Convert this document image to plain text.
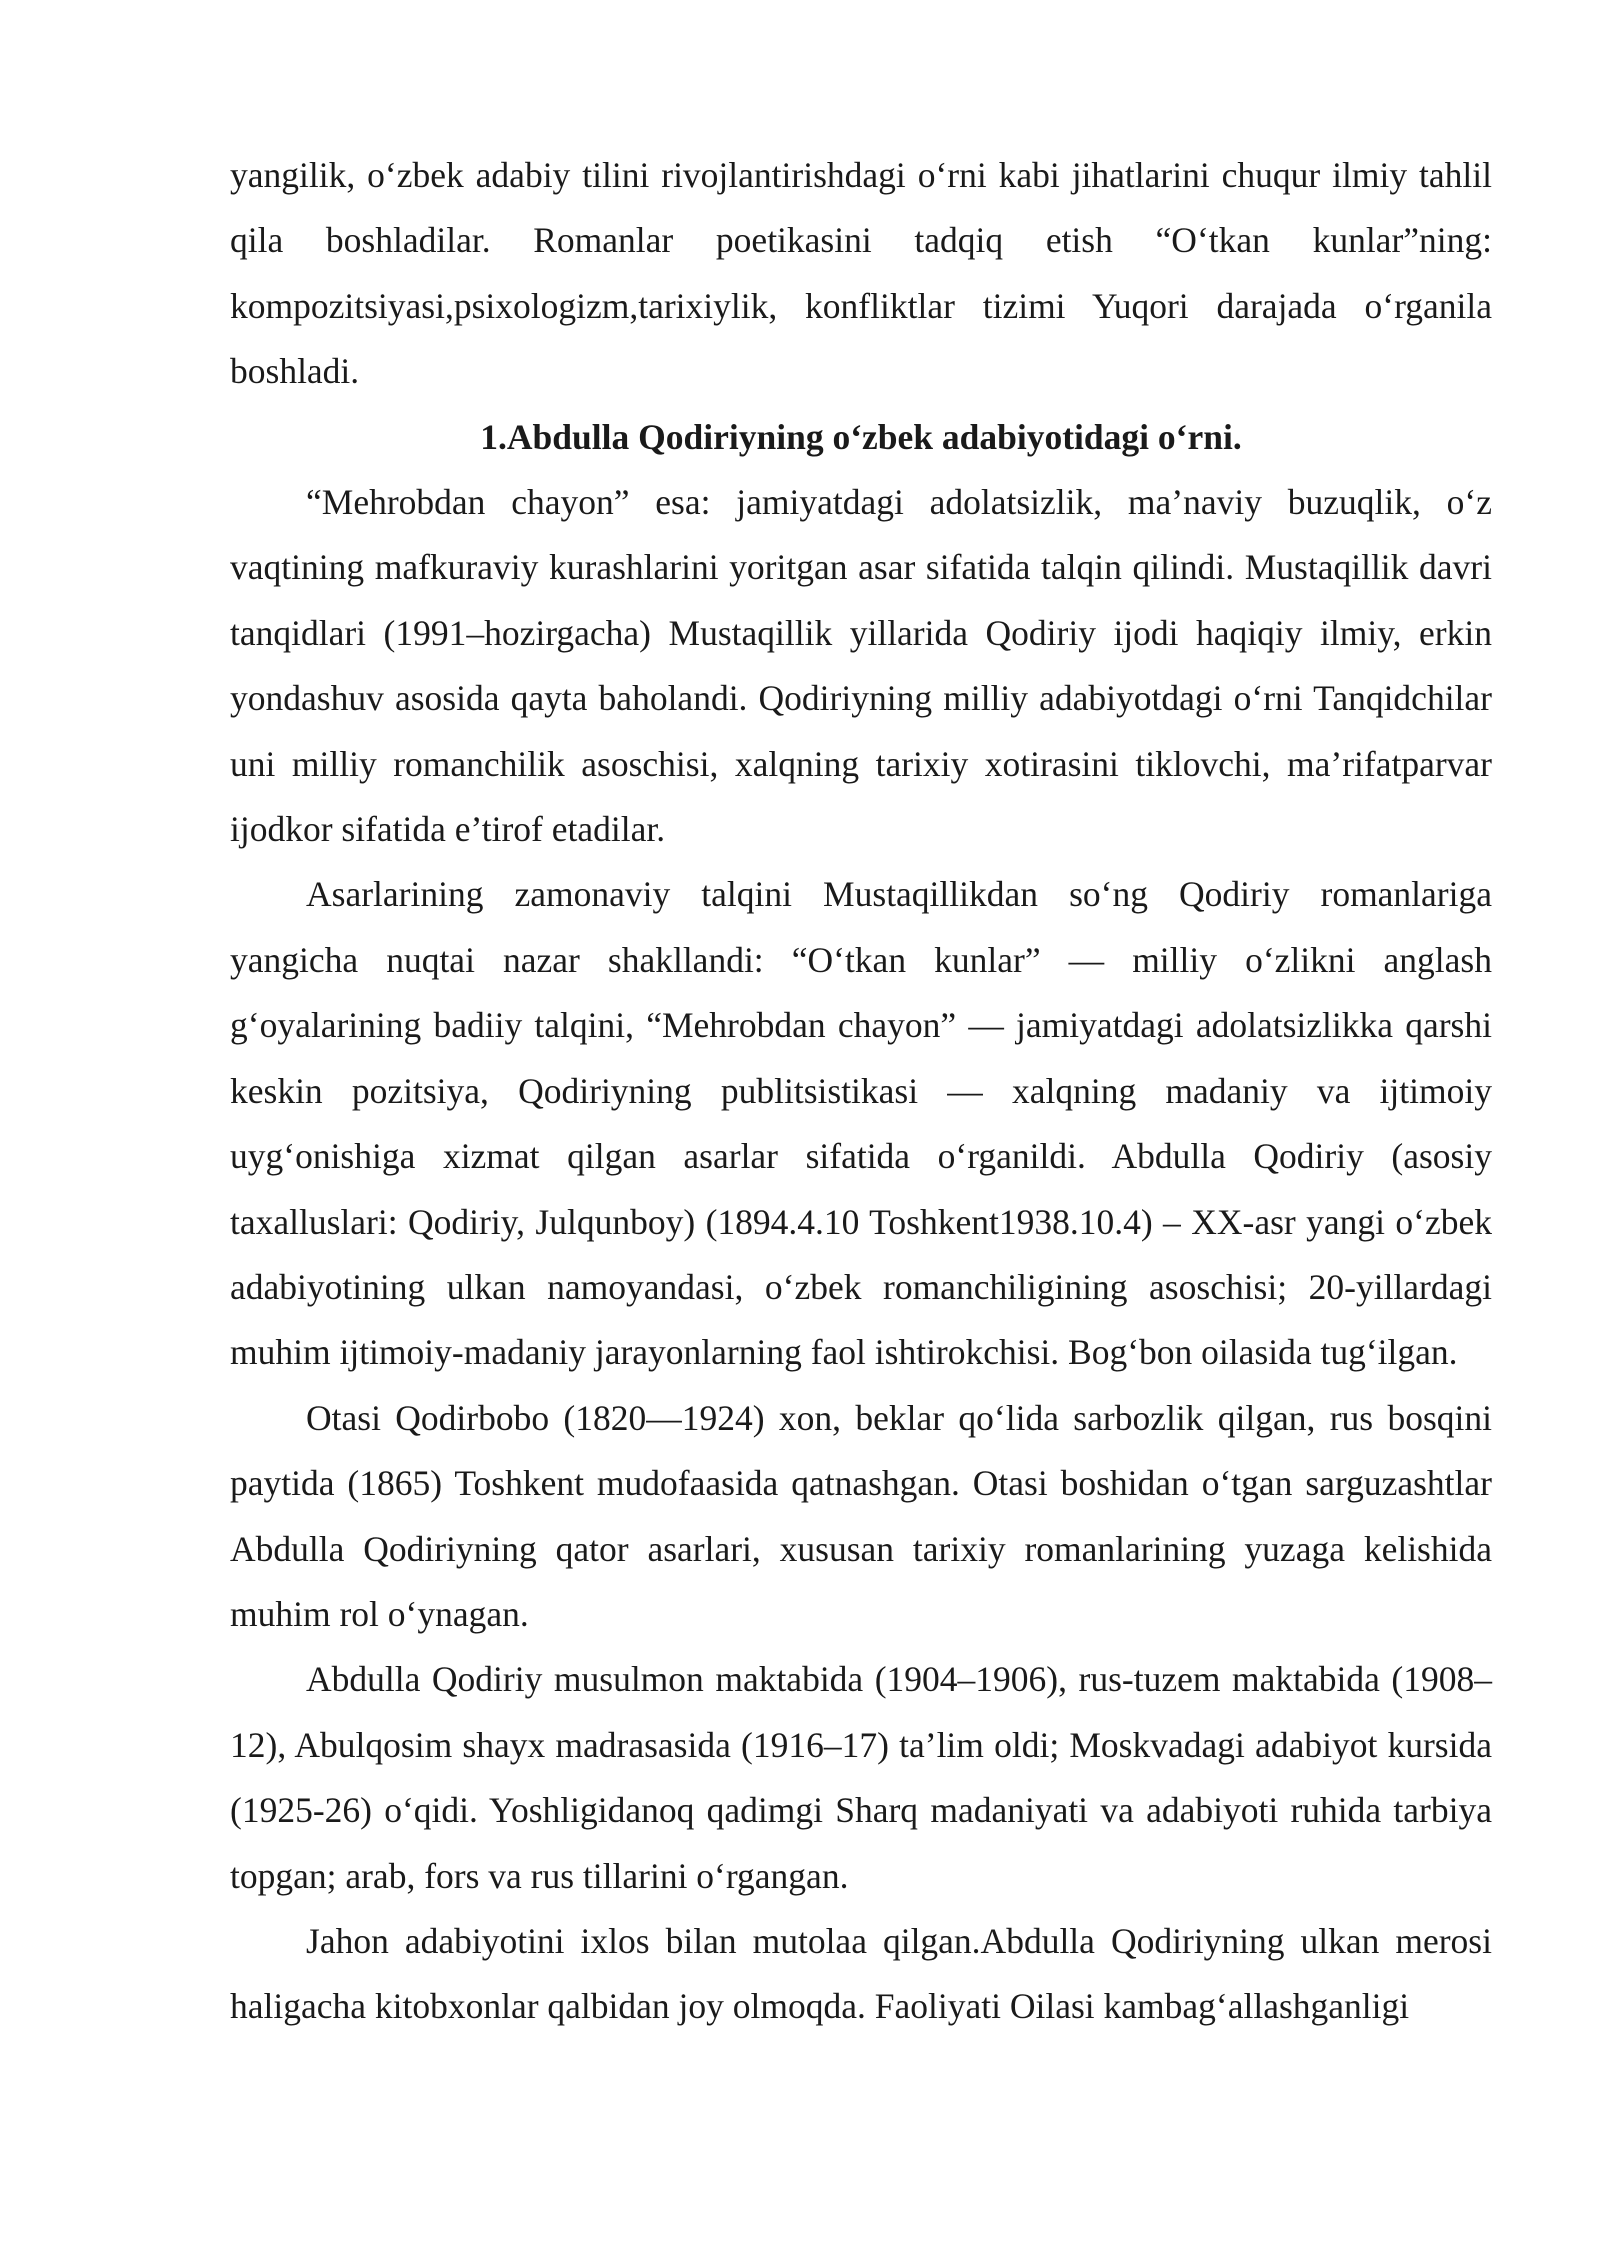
yangilik, o‘zbek adabiy tilini rivojlantirishdagi o‘rni kabi jihatlarini chuqur ilmiy tahlil qila boshladilar. Romanlar poetikasini tadqiq etish “O‘tkan kunlar”ning: kompozitsiyasi,psixologizm,tarixiylik, konfliktlar tizimi Yuqori darajada o‘rganila boshladi.

1.Abdulla Qodiriyning o‘zbek adabiyotidagi o‘rni.

“Mehrobdan chayon” esa: jamiyatdagi adolatsizlik, ma’naviy buzuqlik, o‘z vaqtining mafkuraviy kurashlarini yoritgan asar sifatida talqin qilindi. Mustaqillik davri tanqidlari (1991–hozirgacha) Mustaqillik yillarida Qodiriy ijodi haqiqiy ilmiy, erkin yondashuv asosida qayta baholandi. Qodiriyning milliy adabiyotdagi o‘rni Tanqidchilar uni milliy romanchilik asoschisi, xalqning tarixiy xotirasini tiklovchi, ma’rifatparvar ijodkor sifatida e’tirof etadilar.

Asarlarining zamonaviy talqini Mustaqillikdan so‘ng Qodiriy romanlariga yangicha nuqtai nazar shakllandi: “O‘tkan kunlar” — milliy o‘zlikni anglash g‘oyalarining badiiy talqini, “Mehrobdan chayon” — jamiyatdagi adolatsizlikka qarshi keskin pozitsiya, Qodiriyning publitsistikasi — xalqning madaniy va ijtimoiy uyg‘onishiga xizmat qilgan asarlar sifatida o‘rganildi. Abdulla Qodiriy (asosiy taxalluslari: Qodiriy, Julqunboy) (1894.4.10 Toshkent1938.10.4) – XX-asr yangi o‘zbek adabiyotining ulkan namoyandasi, o‘zbek romanchiligining asoschisi; 20-yillardagi muhim ijtimoiy-madaniy jarayonlarning faol ishtirokchisi. Bog‘bon oilasida tug‘ilgan.

Otasi Qodirbobo (1820—1924) xon, beklar qo‘lida sarbozlik qilgan, rus bosqini paytida (1865) Toshkent mudofaasida qatnashgan. Otasi boshidan o‘tgan sarguzashtlar Abdulla Qodiriyning qator asarlari, xususan tarixiy romanlarining yuzaga kelishida muhim rol o‘ynagan.

Abdulla Qodiriy musulmon maktabida (1904–1906), rus-tuzem maktabida (1908–12), Abulqosim shayx madrasasida (1916–17) ta’lim oldi; Moskvadagi adabiyot kursida (1925-26) o‘qidi. Yoshligidanoq qadimgi Sharq madaniyati va adabiyoti ruhida tarbiya topgan; arab, fors va rus tillarini o‘rgangan.

Jahon adabiyotini ixlos bilan mutolaa qilgan.Abdulla Qodiriyning ulkan merosi haligacha kitobxonlar qalbidan joy olmoqda. Faoliyati Oilasi kambag‘allashganligi
